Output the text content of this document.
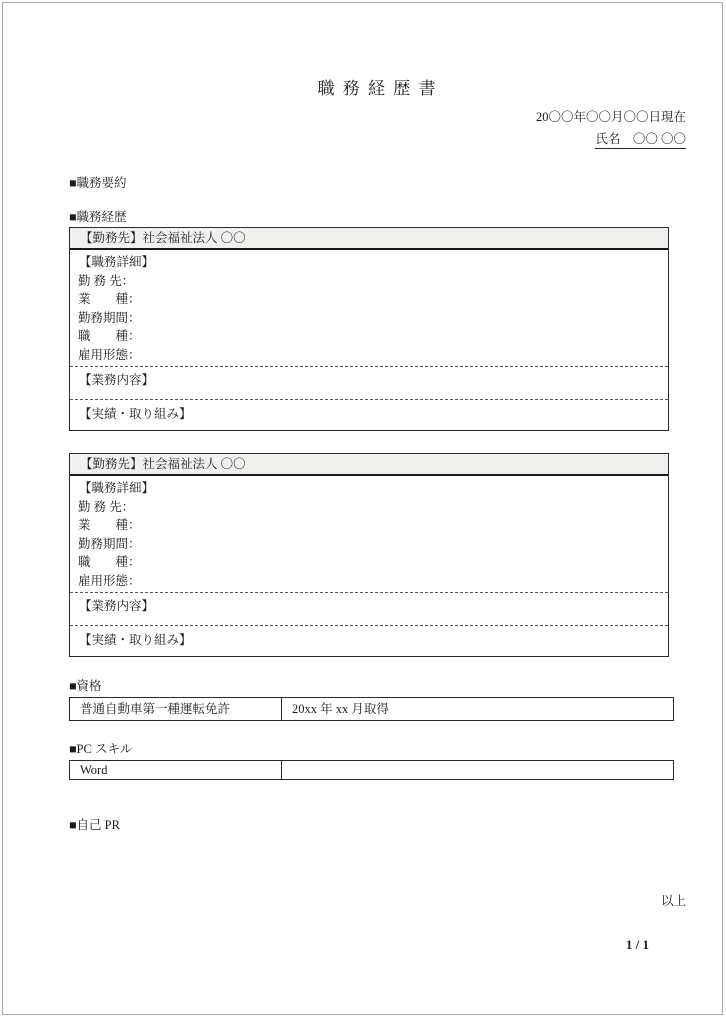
職 務 経 歴 書
20〇〇年〇〇月〇〇日現在
氏名　〇〇 〇〇
■職務要約
■職務経歴
【勤務先】社会福祉法人 〇〇
【職務詳細】
勤 務 先：
業　　種：
勤務期間：
職　　種：
雇用形態：
【業務内容】
【実績・取り組み】
【勤務先】社会福祉法人 〇〇
【職務詳細】
勤 務 先：
業　　種：
勤務期間：
職　　種：
雇用形態：
【業務内容】
【実績・取り組み】
■資格
普通自動車第一種運転免許	20xx 年 xx 月取得
■PC スキル
Word
■自己 PR
以上
1 / 1
